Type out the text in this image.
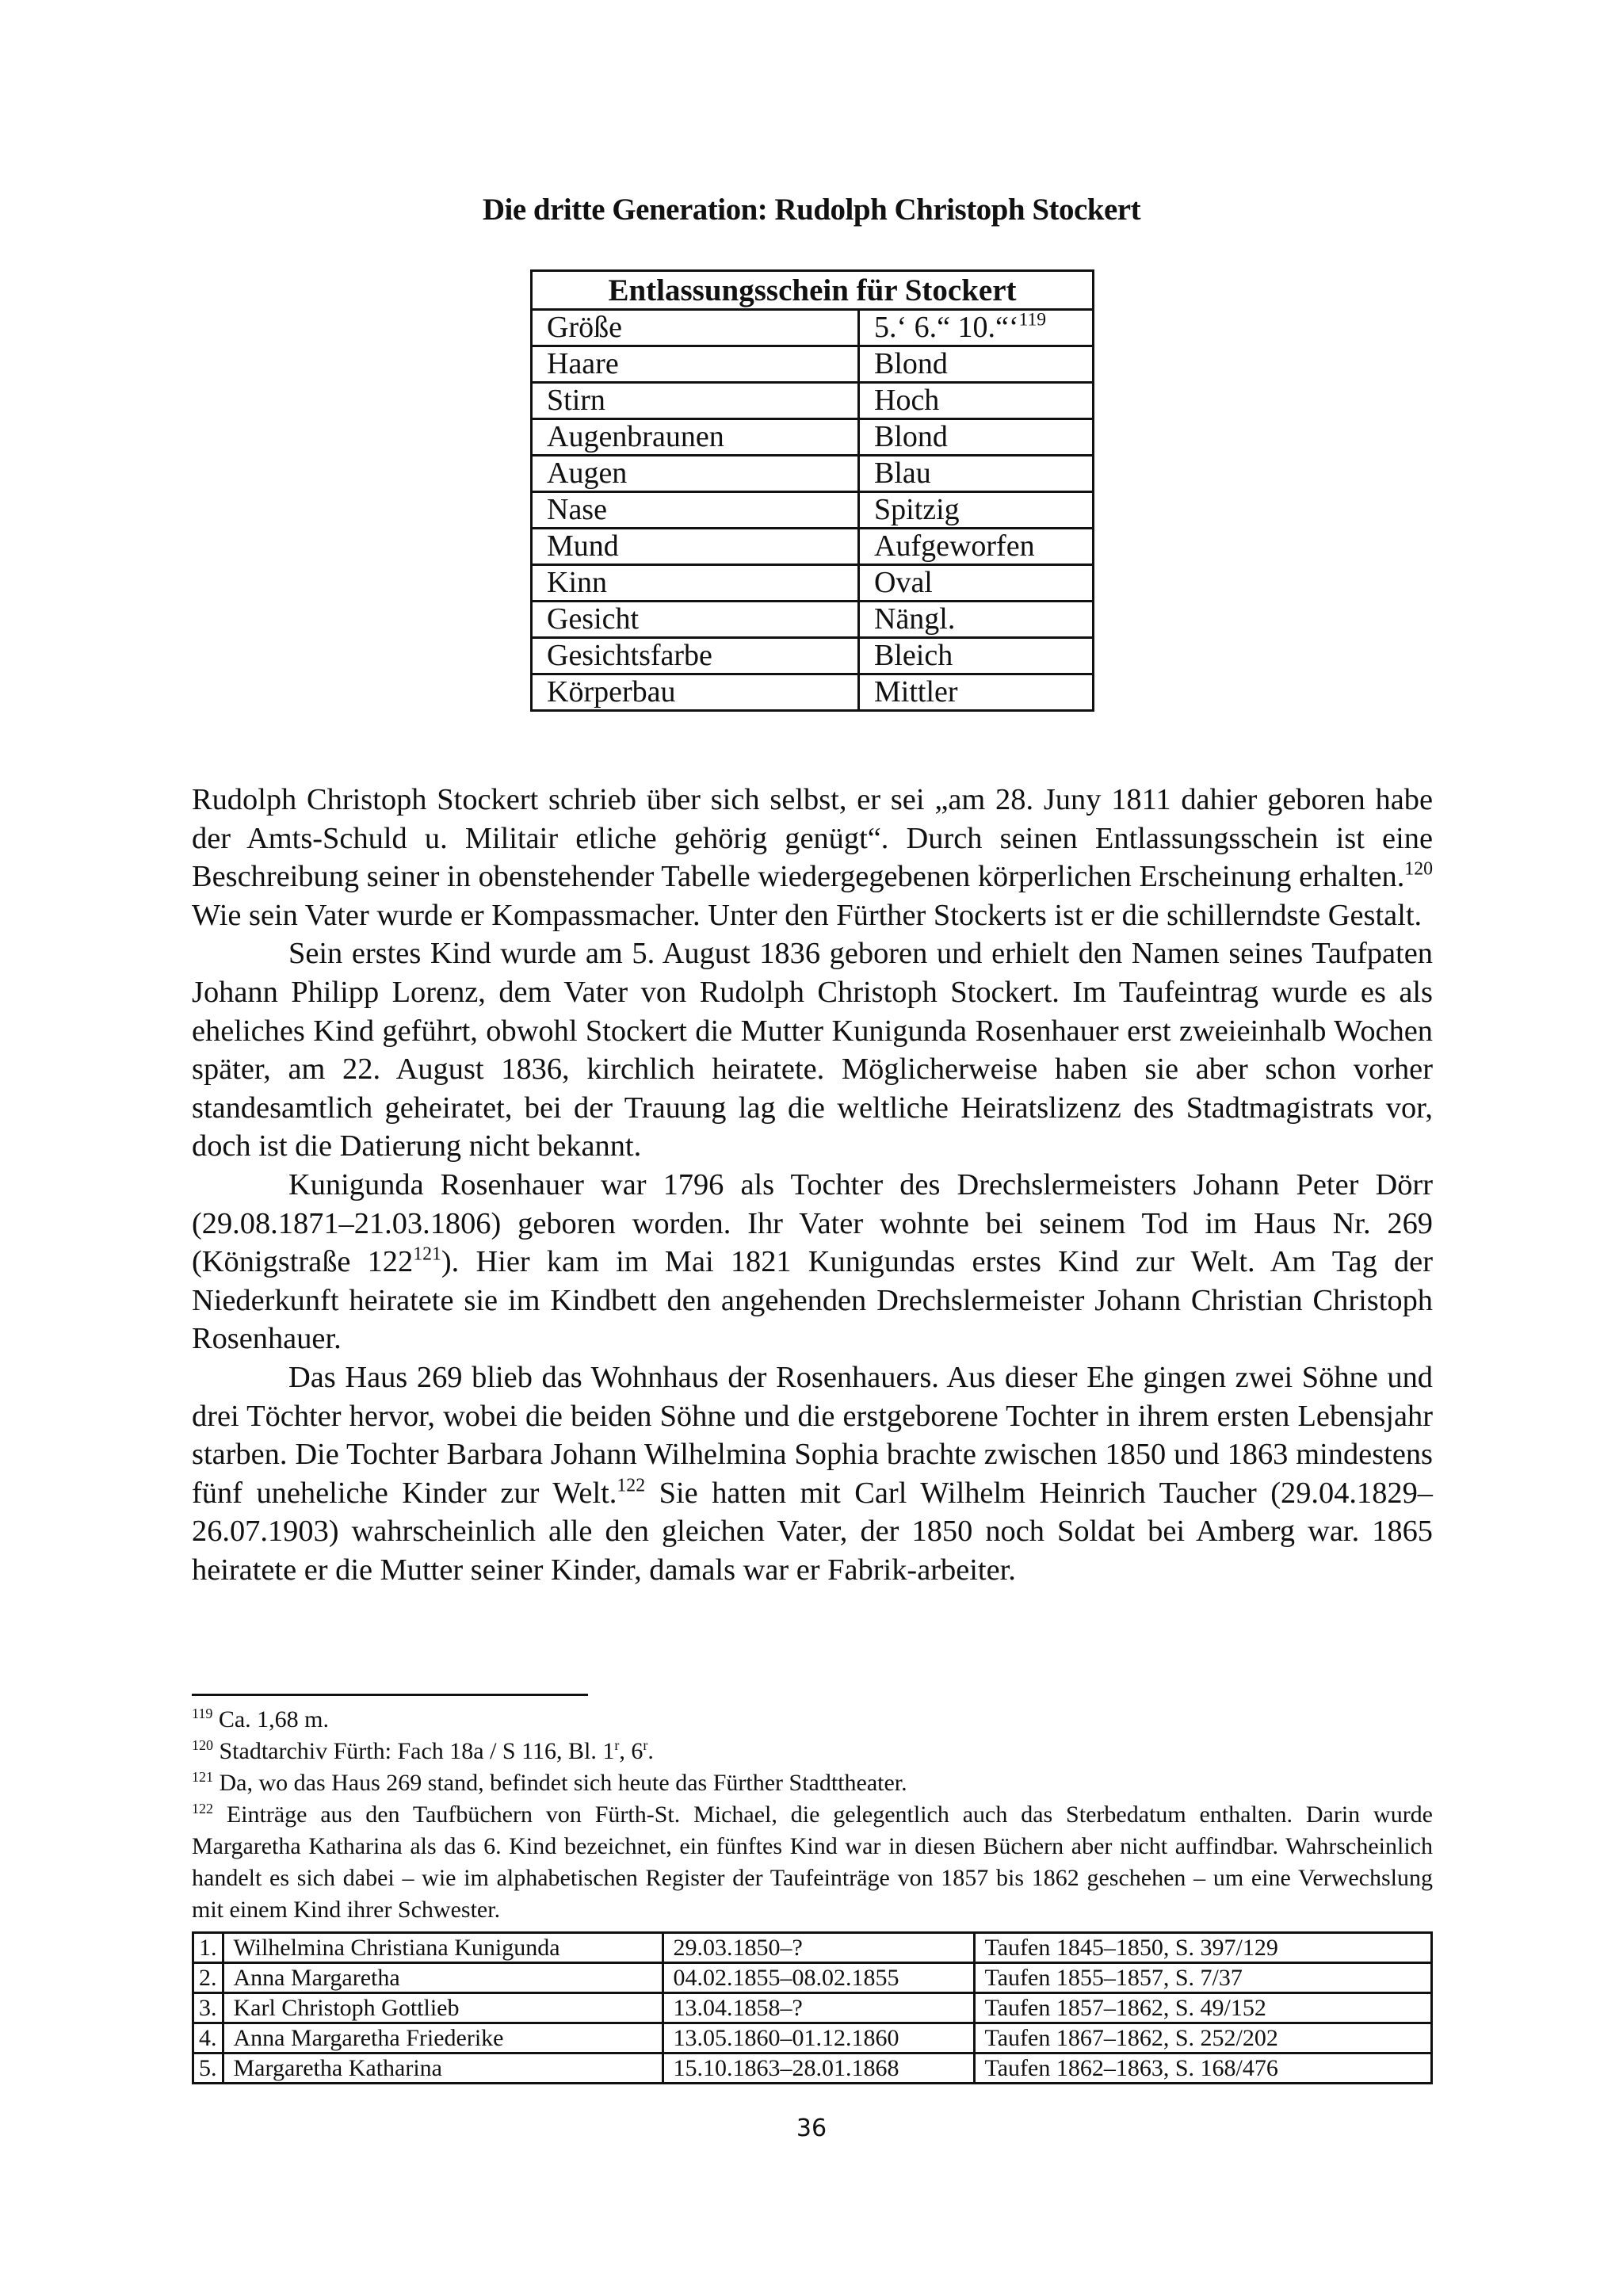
Die dritte Generation: Rudolph Christoph Stockert
Entlassungsschein für Stockert	
Größe	5.‘ 6.“ 10.“‘$^{119}$
Haare	Blond
Stirn	Hoch
Augenbraunen	Blond
Augen	Blau
Nase	Spitzig
Mund	Aufgeworfen
Kinn	Oval
Gesicht	Nängl.
Gesichtsfarbe	Bleich
Körperbau	Mittler

Rudolph Christoph Stockert schrieb über sich selbst, er sei „am 28. Juny 1811 dahier geboren habe der Amts-Schuld u. Militair etliche gehörig genügt“. Durch seinen Entlassungsschein ist eine Beschreibung seiner in obenstehender Tabelle wiedergegebenen körperlichen Erscheinung erhalten.$^{120}$ Wie sein Vater wurde er Kompassmacher. Unter den Fürther Stockerts ist er die schillerndste Gestalt.

Sein erstes Kind wurde am 5. August 1836 geboren und erhielt den Namen seines Taufpaten Johann Philipp Lorenz, dem Vater von Rudolph Christoph Stockert. Im Taufeintrag wurde es als eheliches Kind geführt, obwohl Stockert die Mutter Kunigunda Rosenhauer erst zweieinhalb Wochen später, am 22. August 1836, kirchlich heiratete. Möglicherweise haben sie aber schon vorher standesamtlich geheiratet, bei der Trauung lag die weltliche Heiratslizenz des Stadtmagistrats vor, doch ist die Datierung nicht bekannt.

Kunigunda Rosenhauer war 1796 als Tochter des Drechslermeisters Johann Peter Dörr (29.08.1871–21.03.1806) geboren worden. Ihr Vater wohnte bei seinem Tod im Haus Nr. 269 (Königstraße $122^{121}$). Hier kam im Mai 1821 Kunigundas erstes Kind zur Welt. Am Tag der Niederkunft heiratete sie im Kindbett den angehenden Drechslermeister Johann Christian Christoph Rosenhauer.

Das Haus 269 blieb das Wohnhaus der Rosenhauers. Aus dieser Ehe gingen zwei Söhne und drei Töchter hervor, wobei die beiden Söhne und die erstgeborene Tochter in ihrem ersten Lebensjahr starben. Die Tochter Barbara Johann Wilhelmina Sophia brachte zwischen 1850 und 1863 mindestens fünf uneheliche Kinder zur Welt.$^{122}$ Sie hatten mit Carl Wilhelm Heinrich Taucher (29.04.1829–26.07.1903) wahrscheinlich alle den gleichen Vater, der 1850 noch Soldat bei Amberg war. 1865 heiratete er die Mutter seiner Kinder, damals war er Fabrik-arbeiter.

$^{119}$ Ca. 1,68 m.

$^{120}$ Stadtarchiv Fürth: Fach 18a / S 116, Bl. 1$^r$, 6$^r$.

$^{121}$ Da, wo das Haus 269 stand, befindet sich heute das Fürther Stadttheater.

$^{122}$ Einträge aus den Taufbüchern von Fürth-St. Michael, die gelegentlich auch das Sterbedatum enthalten. Darin wurde Margaretha Katharina als das 6. Kind bezeichnet, ein fünftes Kind war in diesen Büchern aber nicht auffindbar. Wahrscheinlich handelt es sich dabei – wie im alphabetischen Register der Taufeinträge von 1857 bis 1862 geschehen – um eine Verwechslung mit einem Kind ihrer Schwester.

1.	Wilhelmina Christiana Kunigunda	29.03.1850–?	Taufen 1845–1850, S. 397/129
2.	Anna Margaretha	04.02.1855–08.02.1855	Taufen 1855–1857, S. 7/37
3.	Karl Christoph Gottlieb	13.04.1858–?	Taufen 1857–1862, S. 49/152
4.	Anna Margaretha Friederike	13.05.1860–01.12.1860	Taufen 1867–1862, S. 252/202
5.	Margaretha Katharina	15.10.1863–28.01.1868	Taufen 1862–1863, S. 168/476
36
